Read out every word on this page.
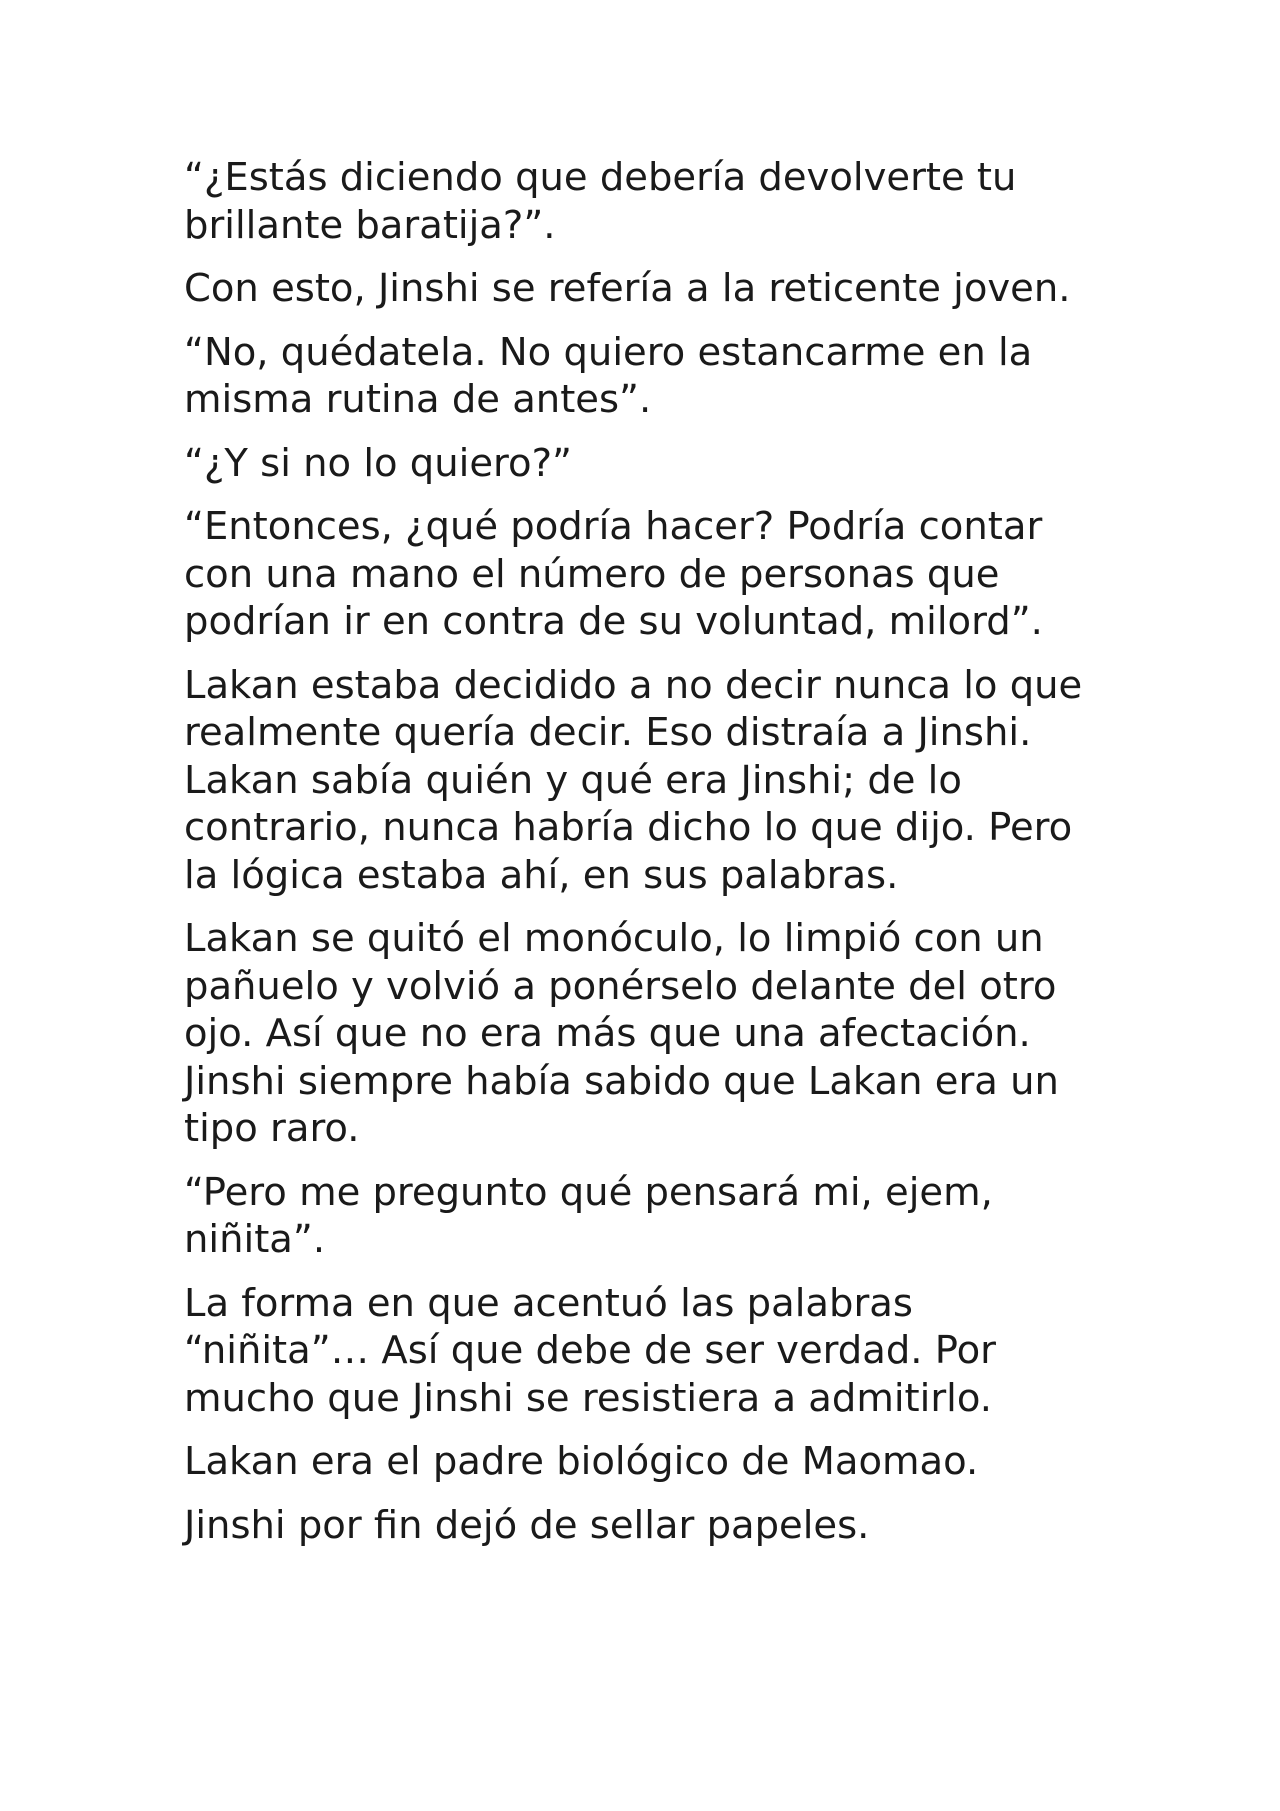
“¿Estás diciendo que debería devolverte tu
brillante baratija?”.

Con esto, Jinshi se refería a la reticente joven.

“No, quédatela. No quiero estancarme en la
misma rutina de antes”.

“¿Y si no lo quiero?”

“Entonces, ¿qué podría hacer? Podría contar
con una mano el número de personas que
podrían ir en contra de su voluntad, milord”.

Lakan estaba decidido a no decir nunca lo que
realmente quería decir. Eso distraía a Jinshi.
Lakan sabía quién y qué era Jinshi; de lo
contrario, nunca habría dicho lo que dijo. Pero
la lógica estaba ahí, en sus palabras.

Lakan se quitó el monóculo, lo limpió con un
pañuelo y volvió a ponérselo delante del otro
ojo. Así que no era más que una afectación.
Jinshi siempre había sabido que Lakan era un
tipo raro.

“Pero me pregunto qué pensará mi, ejem,
niñita”.

La forma en que acentuó las palabras
“niñita”… Así que debe de ser verdad. Por
mucho que Jinshi se resistiera a admitirlo.

Lakan era el padre biológico de Maomao.

Jinshi por fin dejó de sellar papeles.
